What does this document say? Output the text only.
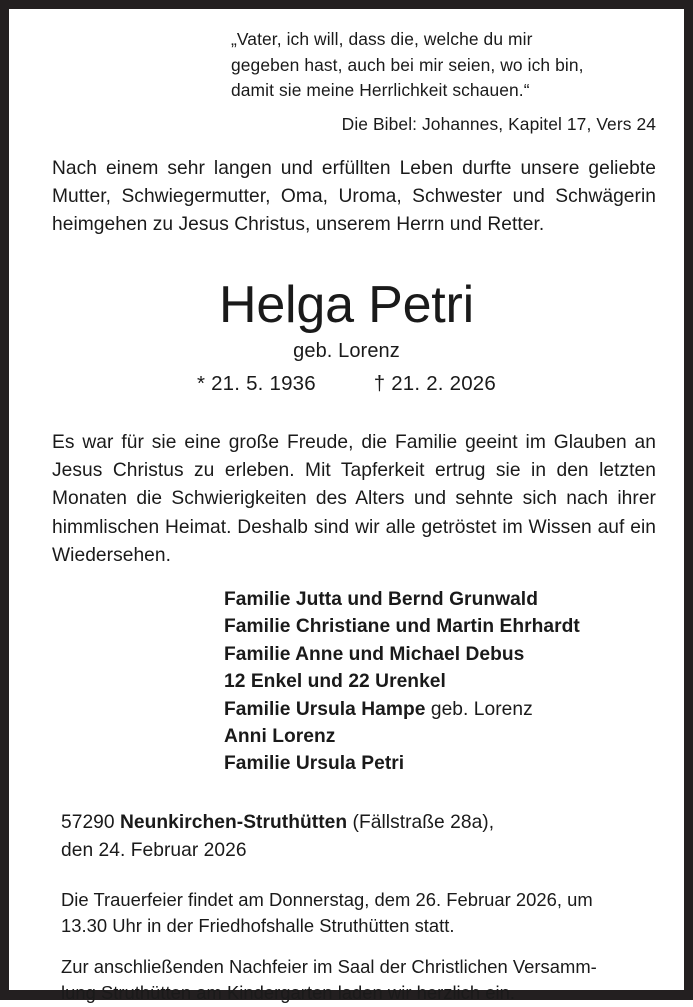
„Vater, ich will, dass die, welche du mir
gegeben hast, auch bei mir seien, wo ich bin,
damit sie meine Herrlichkeit schauen.“
Die Bibel: Johannes, Kapitel 17, Vers 24

Nach einem sehr langen und erfüllten Leben durfte unsere geliebte Mutter, Schwiegermutter, Oma, Uroma, Schwester und Schwägerin heimgehen zu Jesus Christus, unserem Herrn und Retter.

Helga Petri
geb. Lorenz
* 21. 5. 1936	† 21. 2. 2026

Es war für sie eine große Freude, die Familie geeint im Glauben an Jesus Christus zu erleben. Mit Tapferkeit ertrug sie in den letzten Monaten die Schwierigkeiten des Alters und sehnte sich nach ihrer himmlischen Heimat. Deshalb sind wir alle getröstet im Wissen auf ein Wiedersehen.

Familie Jutta und Bernd Grunwald
Familie Christiane und Martin Ehrhardt
Familie Anne und Michael Debus
12 Enkel und 22 Urenkel
Familie Ursula Hampe geb. Lorenz
Anni Lorenz
Familie Ursula Petri
57290 Neunkirchen-Struthütten (Fällstraße 28a),
den 24. Februar 2026

Die Trauerfeier findet am Donnerstag, dem 26. Februar 2026, um
13.30 Uhr in der Friedhofshalle Struthütten statt.

Zur anschließenden Nachfeier im Saal der Christlichen Versamm-
lung Struthütten am Kindergarten laden wir herzlich ein.
